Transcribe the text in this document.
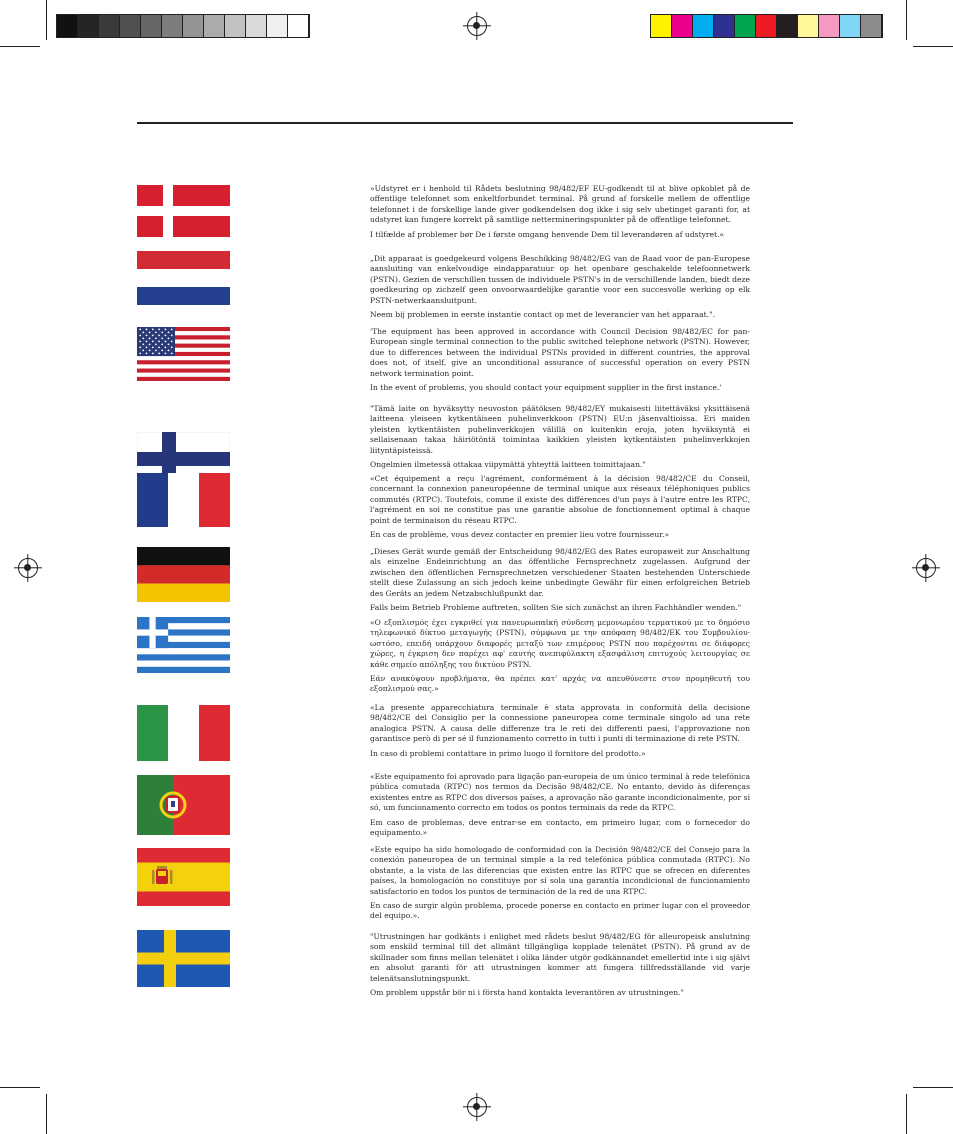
»Udstyret er i henhold til Rådets beslutning 98/482/EF EU-godkendt til at blive opkoblet på de offentlige telefonnet som enkeltforbundet terminal. På grund af forskelle mellem de offentlige telefonnet i de forskellige lande giver godkendelsen dog ikke i sig selv ubetinget garanti for, at udstyret kan fungere korrekt på samtlige nettermineringspunkter på de offentlige telefonnet.

I tilfælde af problemer bør De i første omgang henvende Dem til leverandøren af udstyret.«

„Dit apparaat is goedgekeurd volgens Beschikking 98/482/EG van de Raad voor de pan-Europese aansluiting van enkelvoudige eindapparatuur op het openbare geschakelde telefoonnetwerk (PSTN). Gezien de verschillen tussen de individuele PSTN's in de verschillende landen, biedt deze goedkeuring op zichzelf geen onvoorwaardelijke garantie voor een succesvolle werking op elk PSTN-netwerkaansluitpunt.

Neem bij problemen in eerste instantie contact op met de leverancier van het apparaat.".

'The equipment has been approved in accordance with Council Decision 98/482/EC for pan-European single terminal connection to the public switched telephone network (PSTN). However, due to differences between the individual PSTNs provided in different countries, the approval does not, of itself, give an unconditional assurance of successful operation on every PSTN network termination point.

In the event of problems, you should contact your equipment supplier in the first instance.'

"Tämä laite on hyväksytty neuvoston päätöksen 98/482/EY mukaisesti liitettäväksi yksittäisenä laitteena yleiseen kytkentäiseen puhelinverkkoon (PSTN) EU:n jäsenvaltioissa. Eri maiden yleisten kytkentäisten puhelinverkkojen välillä on kuitenkin eroja, joten hyväksyntä ei sellaisenaan takaa häiriötöntä toimintaa kaikkien yleisten kytkentäisten puhelinverkkojen liityntäpisteissä.

Ongelmien ilmetessä ottakaa viipymättä yhteyttä laitteen toimittajaan."

«Cet équipement a reçu l'agrément, conformément à la décision 98/482/CE du Conseil, concernant la connexion paneuropéenne de terminal unique aux réseaux téléphoniques publics commutés (RTPC). Toutefois, comme il existe des différences d'un pays à l'autre entre les RTPC, l'agrément en soi ne constitue pas une garantie absolue de fonctionnement optimal à chaque point de terminaison du réseau RTPC.

En cas de problème, vous devez contacter en premier lieu votre fournisseur.»

„Dieses Gerät wurde gemäß der Entscheidung 98/482/EG des Rates europaweit zur Anschaltung als einzelne Endeinrichtung an das öffentliche Fernsprechnetz zugelassen. Aufgrund der zwischen den öffentlichen Fernsprechnetzen verschiedener Staaten bestehenden Unterschiede stellt diese Zulassung an sich jedoch keine unbedingte Gewähr für einen erfolgreichen Betrieb des Geräts an jedem Netzabschlußpunkt dar.

Falls beim Betrieb Probleme auftreten, sollten Sie sich zunächst an ihren Fachhändler wenden."

«Ο εξοπλισμός έχει εγκριθεί για πανευρωπαϊκή σύνδεση μεμονωμέου τερματικού με το δημόσιο τηλεφωνικό δίκτυο μεταγωγής (PSTN), σύμφωνα με την απόφαση 98/482/ΕΚ του Συμβουλίου· ωστόσο, επειδή υπάρχουν διαφορές μεταξύ των επιμέρους PSTN που παρέχονται σε διάφορες χώρες, η έγκριση δεν παρέχει αφ' εαυτής ανεπιφύλακτη εξασφάλιση επιτυχούς λειτουργίας σε κάθε σημείο απόληξης του δικτύου PSTN.

Εάν ανακύψουν προβλήματα, θα πρέπει κατ' αρχάς να απευθύνεστε στον προμηθευτή του εξοπλισμού σας.»

«La presente apparecchiatura terminale è stata approvata in conformità della decisione 98/482/CE del Consiglio per la connessione paneuropea come terminale singolo ad una rete analogica PSTN. A causa delle differenze tra le reti dei differenti paesi, l'approvazione non garantisce però di per sé il funzionamento corretto in tutti i punti di terminazione di rete PSTN.

In caso di problemi contattare in primo luogo il fornitore del prodotto.»

«Este equipamento foi aprovado para ligação pan-europeia de um único terminal à rede telefónica pública comutada (RTPC) nos termos da Decisão 98/482/CE. No entanto, devido às diferenças existentes entre as RTPC dos diversos países, a aprovação não garante incondicionalmente, por si só, um funcionamento correcto em todos os pontos terminais da rede da RTPC.

Em caso de problemas, deve entrar-se em contacto, em primeiro lugar, com o fornecedor do equipamento.»

«Este equipo ha sido homologado de conformidad con la Decisión 98/482/CE del Consejo para la conexión paneuropea de un terminal simple a la red telefónica pública conmutada (RTPC). No obstante, a la vista de las diferencias que existen entre las RTPC que se ofrecen en diferentes países, la homologación no constituye por sí sola una garantía incondicional de funcionamiento satisfactorio en todos los puntos de terminación de la red de una RTPC.

En caso de surgir algún problema, procede ponerse en contacto en primer lugar con el proveedor del equipo.».

"Utrustningen har godkänts i enlighet med rådets beslut 98/482/EG för alleuropeisk anslutning som enskild terminal till det allmänt tillgängliga kopplade telenätet (PSTN). På grund av de skillnader som finns mellan telenätet i olika länder utgör godkännandet emellertid inte i sig självt en absolut garanti för att utrustningen kommer att fungera tillfredsställande vid varje telenätsanslutningspunkt.

Om problem uppstår bör ni i första hand kontakta leverantören av utrustningen."
